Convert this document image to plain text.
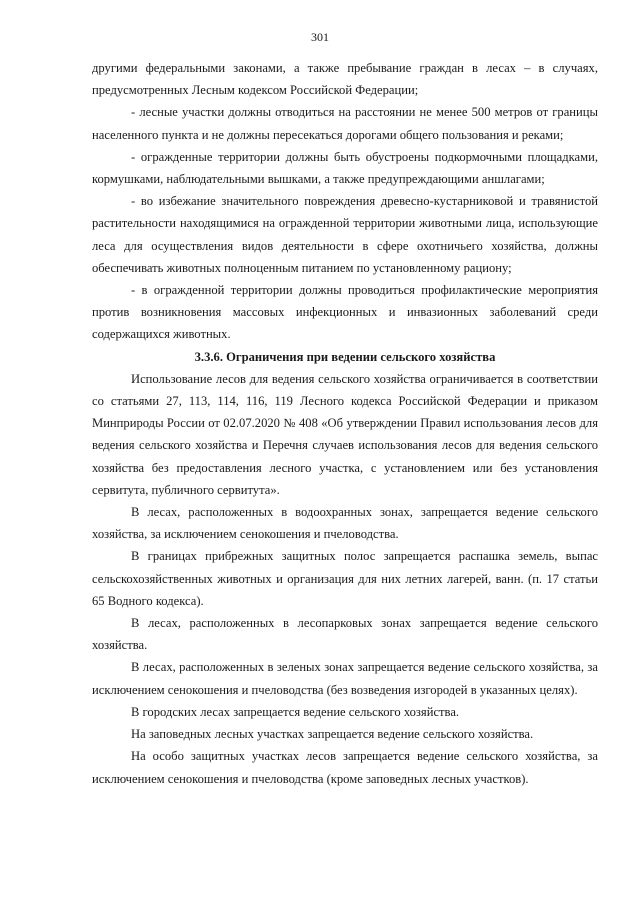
301

другими федеральными законами, а также пребывание граждан в лесах – в случаях, предусмотренных Лесным кодексом Российской Федерации;

- лесные участки должны отводиться на расстоянии не менее 500 метров от границы населенного пункта и не должны пересекаться дорогами общего пользования и реками;

- огражденные территории должны быть обустроены подкормочными площадками, кормушками, наблюдательными вышками, а также предупреждающими аншлагами;

- во избежание значительного повреждения древесно-кустарниковой и травянистой растительности находящимися на огражденной территории животными лица, использующие леса для осуществления видов деятельности в сфере охотничьего хозяйства, должны обеспечивать животных полноценным питанием по установленному рациону;

- в огражденной территории должны проводиться профилактические мероприятия против возникновения массовых инфекционных и инвазионных заболеваний среди содержащихся животных.

3.3.6. Ограничения при ведении сельского хозяйства

Использование лесов для ведения сельского хозяйства ограничивается в соответствии со статьями 27, 113, 114, 116, 119 Лесного кодекса Российской Федерации и приказом Минприроды России от 02.07.2020 № 408 «Об утверждении Правил использования лесов для ведения сельского хозяйства и Перечня случаев использования лесов для ведения сельского хозяйства без предоставления лесного участка, с установлением или без установления сервитута, публичного сервитута».

В лесах, расположенных в водоохранных зонах, запрещается ведение сельского хозяйства, за исключением сенокошения и пчеловодства.

В границах прибрежных защитных полос запрещается распашка земель, выпас сельскохозяйственных животных и организация для них летних лагерей, ванн. (п. 17 статьи 65 Водного кодекса).

В лесах, расположенных в лесопарковых зонах запрещается ведение сельского хозяйства.

В лесах, расположенных в зеленых зонах запрещается ведение сельского хозяйства, за исключением сенокошения и пчеловодства (без возведения изгородей в указанных целях).

В городских лесах запрещается ведение сельского хозяйства.

На заповедных лесных участках запрещается ведение сельского хозяйства.

На особо защитных участках лесов запрещается ведение сельского хозяйства, за исключением сенокошения и пчеловодства (кроме заповедных лесных участков).
